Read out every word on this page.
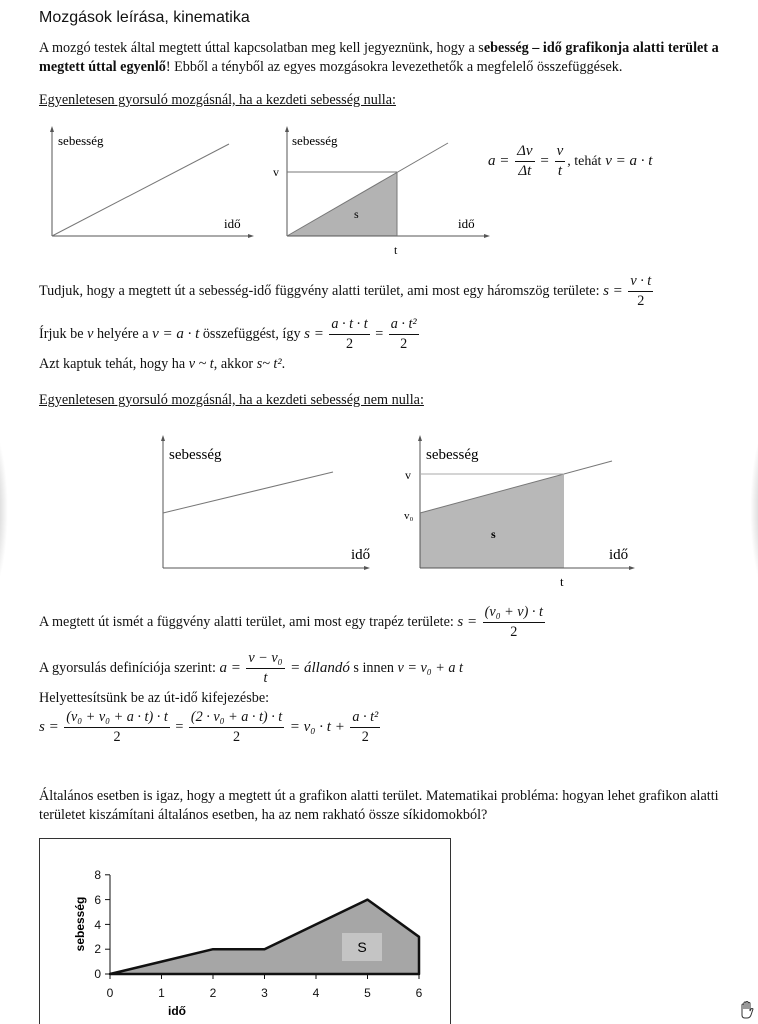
Mozgások leírása, kinematika
A mozgó testek által megtett úttal kapcsolatban meg kell jegyeznünk, hogy a sebesség – idő grafikonja alatti terület a
megtett úttal egyenlő! Ebből a tényből az egyes mozgásokra levezethetők a megfelelő összefüggések.
Egyenletesen gyorsuló mozgásnál, ha a kezdeti sebesség nulla:
sebesség
idő
sebesség
idő
v
s
t
$a = \frac{\Delta v}{\Delta t} = \frac{v}{t}$ , tehát v = a · t
Tudjuk, hogy a megtett út a sebesség-idő függvény alatti terület, ami most egy háromszög területe: $s = \frac{v \cdot t}{2}$
Írjuk be v helyére a v = a · t összefüggést, így $s = \frac{a \cdot t \cdot t}{2} = \frac{\text{a · t²}}{2}$
Azt kaptuk tehát, hogy ha v ~ t, akkor s~ t².
Egyenletesen gyorsuló mozgásnál, ha a kezdeti sebesség nem nulla:
sebesség
idő
sebesség
idő
v
v₀
s
t
A megtett út ismét a függvény alatti terület, ami most egy trapéz területe: $s = \frac{\text{(v₀ + v) · t}}{2}$
A gyorsulás definíciója szerint: $a = \frac{\text{v − v₀}}{t}$ = állandó s innen v = v₀ + a t
Helyettesítsünk be az út-idő kifejezésbe:
$s = \frac{\text{(v₀ + v₀ + a · t) · t}}{2} = \frac{\text{(2 · v₀ + a · t) · t}}{2} = v_0 \cdot t + \frac{\text{a · t²}}{2}$
Általános esetben is igaz, hogy a megtett út a grafikon alatti terület. Matematikai probléma: hogyan lehet grafikon alatti
területet kiszámítani általános esetben, ha az nem rakható össze síkidomokból?
0
2
4
6
8
0	1	2	3	4	5	6
idő
sebesség	S
